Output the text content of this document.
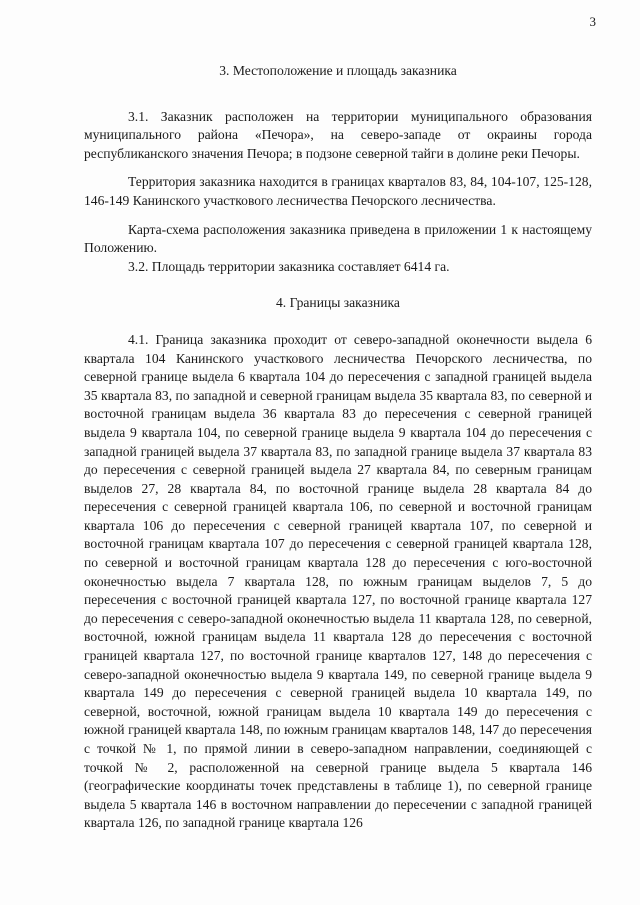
3
3. Местоположение и площадь заказника

3.1. Заказник расположен на территории муниципального образования муниципального района «Печора», на северо-западе от окраины города республиканского значения Печора; в подзоне северной тайги в долине реки Печоры.

Территория заказника находится в границах кварталов 83, 84, 104-107, 125-128, 146-149 Канинского участкового лесничества Печорского лесничества.

Карта-схема расположения заказника приведена в приложении 1 к настоящему Положению.

3.2. Площадь территории заказника составляет 6414 га.

4. Границы заказника

4.1. Граница заказника проходит от северо-западной оконечности выдела 6 квартала 104 Канинского участкового лесничества Печорского лесничества, по северной границе выдела 6 квартала 104 до пересечения с западной границей выдела 35 квартала 83, по западной и северной границам выдела 35 квартала 83, по северной и восточной границам выдела 36 квартала 83 до пересечения с северной границей выдела 9 квартала 104, по северной границе выдела 9 квартала 104 до пересечения с западной границей выдела 37 квартала 83, по западной границе выдела 37 квартала 83 до пересечения с северной границей выдела 27 квартала 84, по северным границам выделов 27, 28 квартала 84, по восточной границе выдела 28 квартала 84 до пересечения с северной границей квартала 106, по северной и восточной границам квартала 106 до пересечения с северной границей квартала 107, по северной и восточной границам квартала 107 до пересечения с северной границей квартала 128, по северной и восточной границам квартала 128 до пересечения с юго-восточной оконечностью выдела 7 квартала 128, по южным границам выделов 7, 5 до пересечения с восточной границей квартала 127, по восточной границе квартала 127 до пересечения с северо-западной оконечностью выдела 11 квартала 128, по северной, восточной, южной границам выдела 11 квартала 128 до пересечения с восточной границей квартала 127, по восточной границе кварталов 127, 148 до пересечения с северо-западной оконечностью выдела 9 квартала 149, по северной границе выдела 9 квартала 149 до пересечения с северной границей выдела 10 квартала 149, по северной, восточной, южной границам выдела 10 квартала 149 до пересечения с южной границей квартала 148, по южным границам кварталов 148, 147 до пересечения с точкой № 1, по прямой линии в северо-западном направлении, соединяющей с точкой № 2, расположенной на северной границе выдела 5 квартала 146 (географические координаты точек представлены в таблице 1), по северной границе выдела 5 квартала 146 в восточном направлении до пересечении с западной границей квартала 126, по западной границе квартала 126
